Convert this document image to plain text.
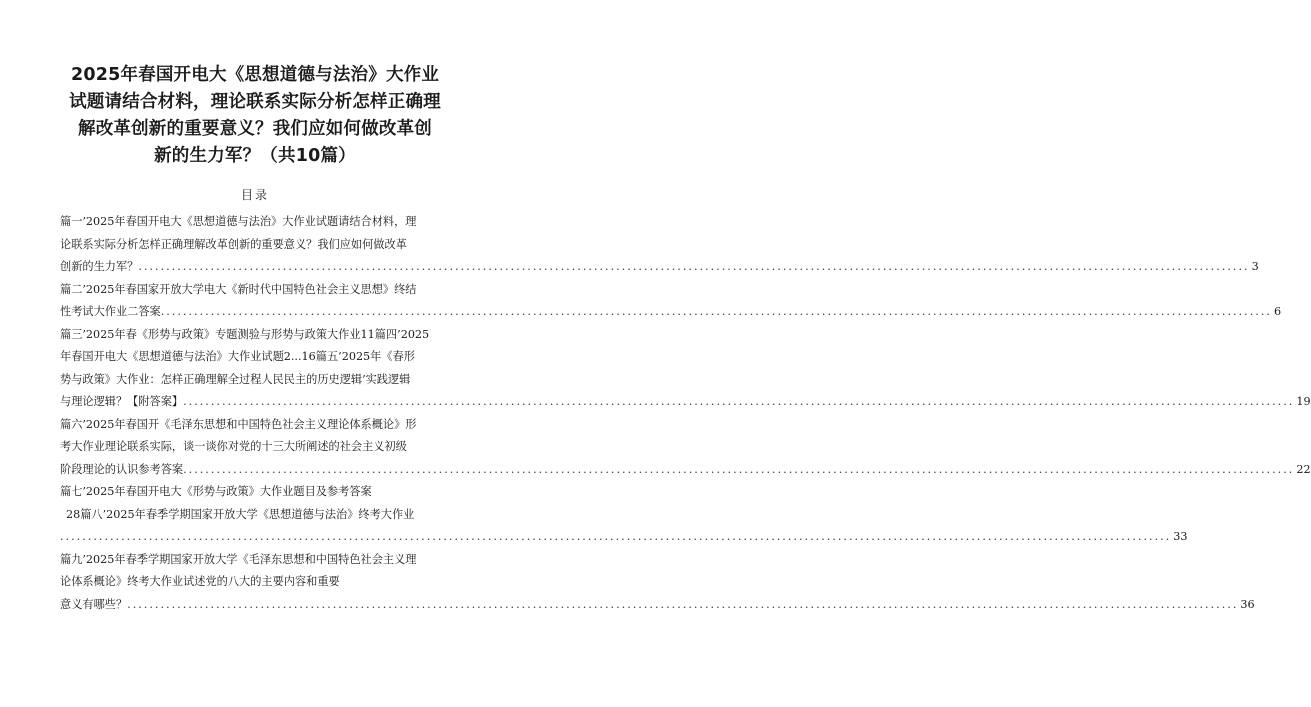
2025年春国开电大《思想道德与法治》大作业
试题请结合材料，理论联系实际分析怎样正确理
解改革创新的重要意义？我们应如何做改革创
新的生力军？（共10篇）
目录
篇一’2025年春国开电大《思想道德与法治》大作业试题请结合材料，理
论联系实际分析怎样正确理解改革创新的重要意义？我们应如何做改革
创新的生力军？ ........................................................................................................................................................................................................ 3
篇二’2025年春国家开放大学电大《新时代中国特色社会主义思想》终结
性考试大作业二答案 ........................................................................................................................................................................................................ 6
篇三’2025年春《形势与政策》专题测验与形势与政策大作业11篇四’2025
年春国开电大《思想道德与法治》大作业试题2...16篇五’2025年《春形
势与政策》大作业：怎样正确理解全过程人民民主的历史逻辑’实践逻辑
与理论逻辑？【附答案】 ........................................................................................................................................................................................................ 19
篇六’2025年春国开《毛泽东思想和中国特色社会主义理论体系概论》形
考大作业理论联系实际，谈一谈你对党的十三大所阐述的社会主义初级
阶段理论的认识参考答案 ........................................................................................................................................................................................................ 22
篇七’2025年春国开电大《形势与政策》大作业题目及参考答案
28篇八’2025年春季学期国家开放大学《思想道德与法治》终考大作业
........................................................................................................................................................................................................ 33
篇九’2025年春季学期国家开放大学《毛泽东思想和中国特色社会主义理
论体系概论》终考大作业试述党的八大的主要内容和重要
意义有哪些？ ........................................................................................................................................................................................................ 36
